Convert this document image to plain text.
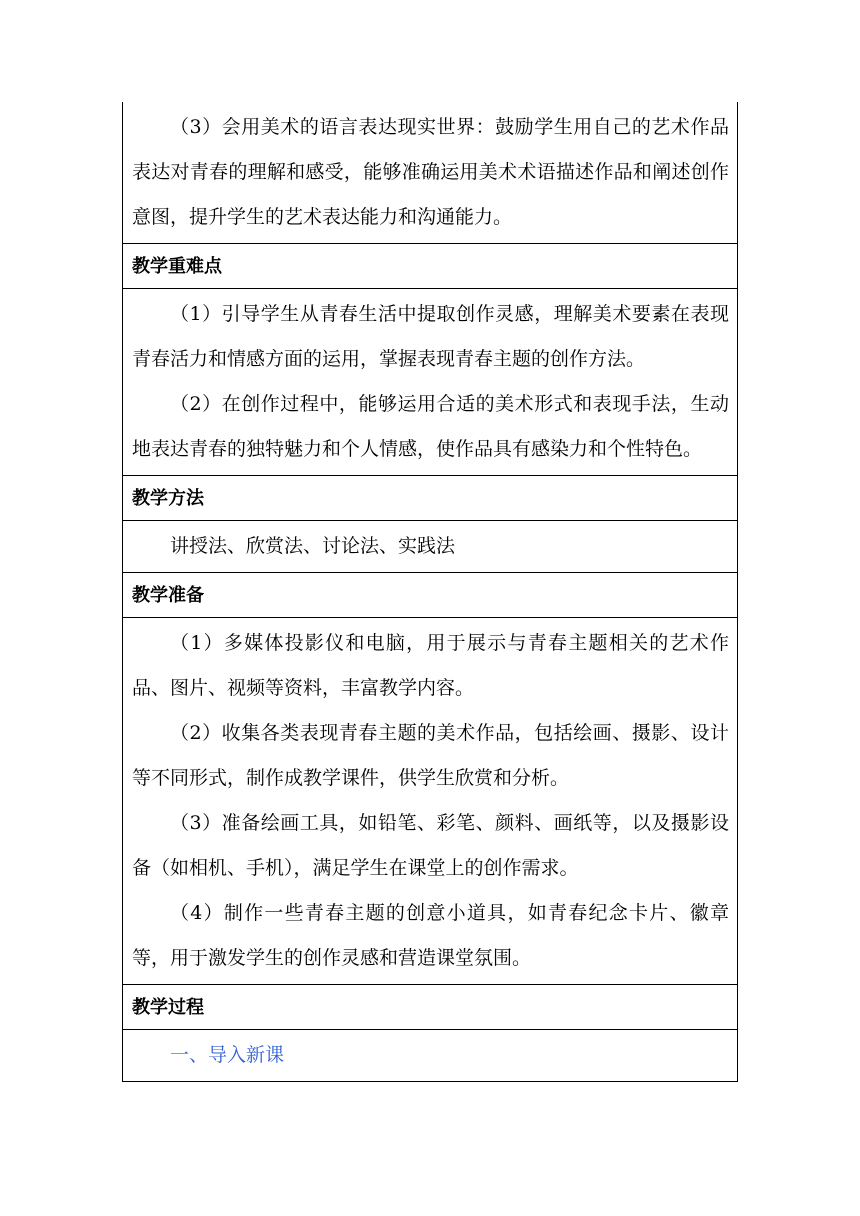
（3）会用美术的语言表达现实世界：鼓励学生用自己的艺术作品表达对青春的理解和感受，能够准确运用美术术语描述作品和阐述创作意图，提升学生的艺术表达能力和沟通能力。

教学重难点

（1）引导学生从青春生活中提取创作灵感，理解美术要素在表现青春活力和情感方面的运用，掌握表现青春主题的创作方法。

（2）在创作过程中，能够运用合适的美术形式和表现手法，生动地表达青春的独特魅力和个人情感，使作品具有感染力和个性特色。

教学方法

讲授法、欣赏法、讨论法、实践法

教学准备

（1）多媒体投影仪和电脑，用于展示与青春主题相关的艺术作品、图片、视频等资料，丰富教学内容。

（2）收集各类表现青春主题的美术作品，包括绘画、摄影、设计等不同形式，制作成教学课件，供学生欣赏和分析。

（3）准备绘画工具，如铅笔、彩笔、颜料、画纸等，以及摄影设备（如相机、手机），满足学生在课堂上的创作需求。

（4）制作一些青春主题的创意小道具，如青春纪念卡片、徽章等，用于激发学生的创作灵感和营造课堂氛围。

教学过程

一、导入新课
